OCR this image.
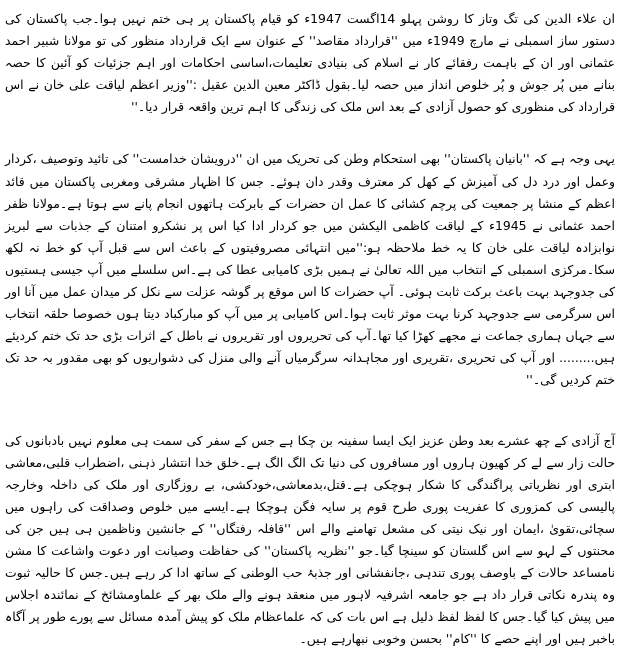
ان علاء الدین کی تگ وتاز کا روشن پہلو 14اگست 1947ء کو قیام پاکستان پر ہی ختم نہیں ہوا۔جب پاکستان کی دستور ساز اسمبلی نے مارچ 1949ء میں ''قرارداد مقاصد'' کے عنوان سے ایک قرارداد منظور کی تو مولانا شبیر احمد عثمانی اور ان کے باہمت رفقائے کار نے اسلام کی بنیادی تعلیمات،اساسی احکامات اور اہم جزئیات کو آئین کا حصہ بنانے میں پُر جوش و پُر خلوص انداز میں حصہ لیا۔بقول ڈاکٹر معین الدین عقیل :''وزیر اعظم لیاقت علی خان نے اس قرارداد کی منظوری کو حصول آزادی کے بعد اس ملک کی زندگی کا اہم ترین واقعہ قرار دیا۔''

یہی وجہ ہے کہ ''بانیان پاکستان'' بھی استحکام وطن کی تحریک میں ان ''درویشان خدامست'' کی تائید وتوصیف ،کردار وعمل اور درد دل کی آمیزش کے کھل کر معترف وقدر دان ہوئے۔ جس کا اظہار مشرقی ومغربی پاکستان میں قائد اعظم کے منشا پر جمعیت کی پرچم کشائی کا عمل ان حضرات کے بابرکت ہاتھوں انجام پانے سے ہوتا ہے۔مولانا ظفر احمد عثمانی نے 1945ء کے لیاقت کاظمی الیکشن میں جو کردار ادا کیا اس پر نشکرو امتنان کے جذبات سے لبریز نوابزادہ لیاقت علی خان کا یہ خط ملاحظہ ہو:''میں انتہائی مصروفیتوں کے باعث اس سے قبل آپ کو خط نہ لکھ سکا۔مرکزی اسمبلی کے انتخاب میں اللہ تعالیٰ نے ہمیں بڑی کامیابی عطا کی ہے۔اس سلسلے میں آپ جیسی ہستیوں کی جدوجہد بہت باعث برکت ثابت ہوئی۔ آپ حضرات کا اس موقع پر گوشہ عزلت سے نکل کر میدان عمل میں آنا اور اس سرگرمی سے جدوجہد کرنا بہت موثر ثابت ہوا۔اس کامیابی پر میں آپ کو مبارکباد دیتا ہوں خصوصا حلقہ انتخاب سے جہاں ہماری جماعت نے مجھے کھڑا کیا تھا۔آپ کی تحریروں اور تقریروں نے باطل کے اثرات بڑی حد تک ختم کردیئے ہیں......... اور آپ کی تحریری ،تقریری اور مجاہدانہ سرگرمیاں آنے والی منزل کی دشواریوں کو بھی مقدور بہ حد تک ختم کردیں گی۔''

آج آزادی کے چھ عشرے بعد وطن عزیز ایک ایسا سفینہ بن چکا ہے جس کے سفر کی سمت ہی معلوم نہیں بادبانوں کی حالت زار سے لے کر کھیون ہاروں اور مسافروں کی دنیا تک الگ الگ ہے۔خلق خدا انتشار ذہنی ،اضطراب قلبی،معاشی ابتری اور نظریاتی پراگندگی کا شکار ہوچکی ہے۔قتل،بدمعاشی،خودکشی، بے روزگاری اور ملک کی داخلہ وخارجہ پالیسی کی کمزوری کا عفریت پوری طرح قوم پر سایہ فگن ہوچکا ہے۔ایسے میں خلوص وصداقت کی راہوں میں سچائی،تقویٰ ،ایمان اور نیک نیتی کی مشعل تھامنے والے اس ''قافلہ رفتگاں'' کے جانشین وناظمین ہی ہیں جن کی محنتوں کے لہو سے اس گلستان کو سینچا گیا۔جو ''نظریہ پاکستان'' کی حفاظت وصیانت اور دعوت واشاعت کا مشن نامساعد حالات کے باوصف پوری تندہی ،جانفشانی اور جذبۂ حب الوطنی کے ساتھ ادا کر رہے ہیں۔جس کا حالیہ ثبوت وہ پندرہ نکاتی قرار داد ہے جو جامعہ اشرفیہ لاہور میں منعقد ہونے والے ملک بھر کے علماومشائخ کے نمائندہ اجلاس میں پیش کیا گیا۔جس کا لفظ لفظ دلیل ہے اس بات کی کہ علماعظام ملک کو پیش آمدہ مسائل سے پورے طور پر آگاہ باخبر ہیں اور اپنے حصے کا ''کام'' بحسن وخوبی نبھارہے ہیں۔
